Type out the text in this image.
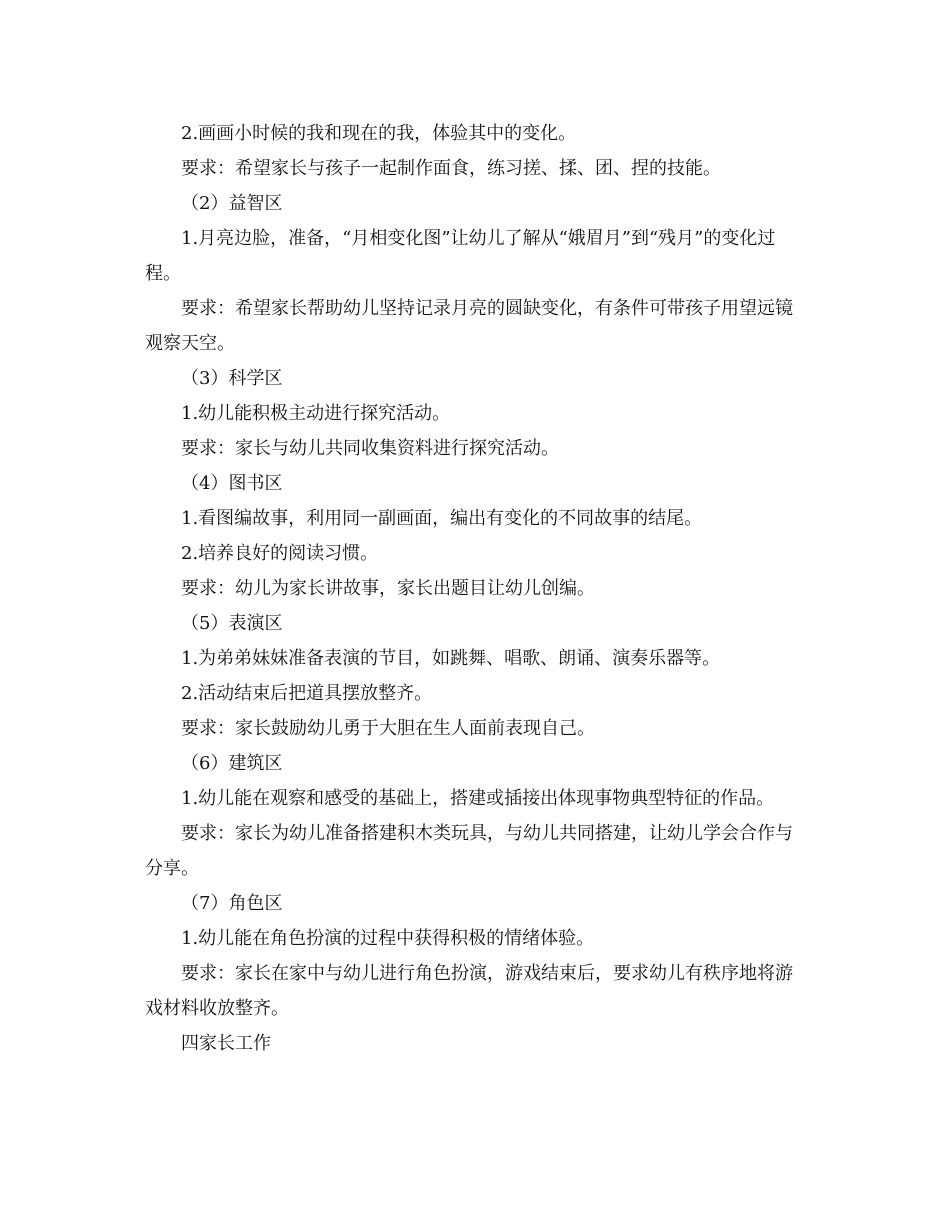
2.画画小时候的我和现在的我，体验其中的变化。

要求：希望家长与孩子一起制作面食，练习搓、揉、团、捏的技能。

（2）益智区

1.月亮边脸，准备，“月相变化图”让幼儿了解从“娥眉月”到“残月”的变化过程。

要求：希望家长帮助幼儿坚持记录月亮的圆缺变化，有条件可带孩子用望远镜观察天空。

（3）科学区

1.幼儿能积极主动进行探究活动。

要求：家长与幼儿共同收集资料进行探究活动。

（4）图书区

1.看图编故事，利用同一副画面，编出有变化的不同故事的结尾。

2.培养良好的阅读习惯。

要求：幼儿为家长讲故事，家长出题目让幼儿创编。

（5）表演区

1.为弟弟妹妹准备表演的节目，如跳舞、唱歌、朗诵、演奏乐器等。

2.活动结束后把道具摆放整齐。

要求：家长鼓励幼儿勇于大胆在生人面前表现自己。

（6）建筑区

1.幼儿能在观察和感受的基础上，搭建或插接出体现事物典型特征的作品。

要求：家长为幼儿准备搭建积木类玩具，与幼儿共同搭建，让幼儿学会合作与分享。

（7）角色区

1.幼儿能在角色扮演的过程中获得积极的情绪体验。

要求：家长在家中与幼儿进行角色扮演，游戏结束后，要求幼儿有秩序地将游戏材料收放整齐。

四家长工作
